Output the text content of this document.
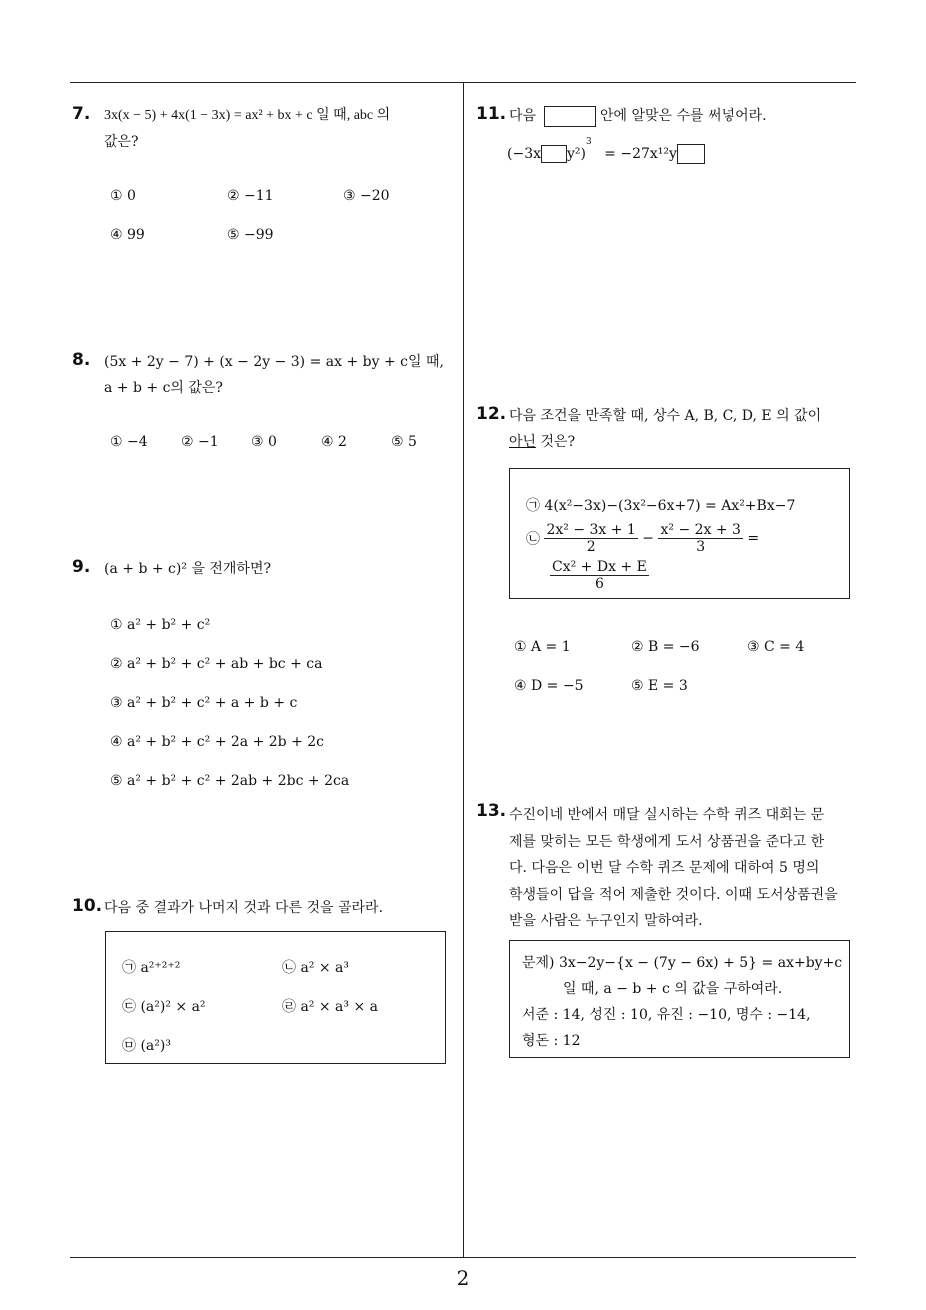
2
7. 3x(x − 5) + 4x(1 − 3x) = ax² + bx + c 일 때, abc 의
값은?
① 0	② −11	③ −20
④ 99	⑤ −99
8. (5x + 2y − 7) + (x − 2y − 3) = ax + by + c일 때,
a + b + c의 값은?
① −4 ② −1 ③ 0	④ 2	⑤ 5
9. (a + b + c)² 을 전개하면?
① a² + b² + c²
② a² + b² + c² + ab + bc + ca
③ a² + b² + c² + a + b + c
④ a² + b² + c² + 2a + 2b + 2c
⑤ a² + b² + c² + 2ab + 2bc + 2ca
10. 다음 중 결과가 나머지 것과 다른 것을 골라라.
㉠ a²⁺²⁺²	㉡ a² × a³
㉢ (a²)² × a²	㉣ a² × a³ × a
㉤ (a²)³
11. 다음	안에 알맞은 수를 써넣어라.
(−3x y²)$^3$ = −27x¹²y
12. 다음 조건을 만족할 때, 상수 A, B, C, D, E 의 값이
아닌 것은?
㉠ 4(x²−3x)−(3x²−6x+7) = Ax²+Bx−7
㉡ $\frac{\text{2x² − 3x + 1}}{2} - \frac{\text{x² − 2x + 3}}{3}$ =
$\frac{\text{Cx² + Dx + E}}{6}$
① A = 1	② B = −6	③ C = 4
④ D = −5	⑤ E = 3
13. 수진이네 반에서 매달 실시하는 수학 퀴즈 대회는 문
제를 맞히는 모든 학생에게 도서 상품권을 준다고 한
다. 다음은 이번 달 수학 퀴즈 문제에 대하여 5 명의
학생들이 답을 적어 제출한 것이다. 이때 도서상품권을
받을 사람은 누구인지 말하여라.
문제) 3x−2y−{x − (7y − 6x) + 5} = ax+by+c
일 때, a − b + c 의 값을 구하여라.
서준 : 14, 성진 : 10, 유진 : −10, 명수 : −14,
형돈 : 12
